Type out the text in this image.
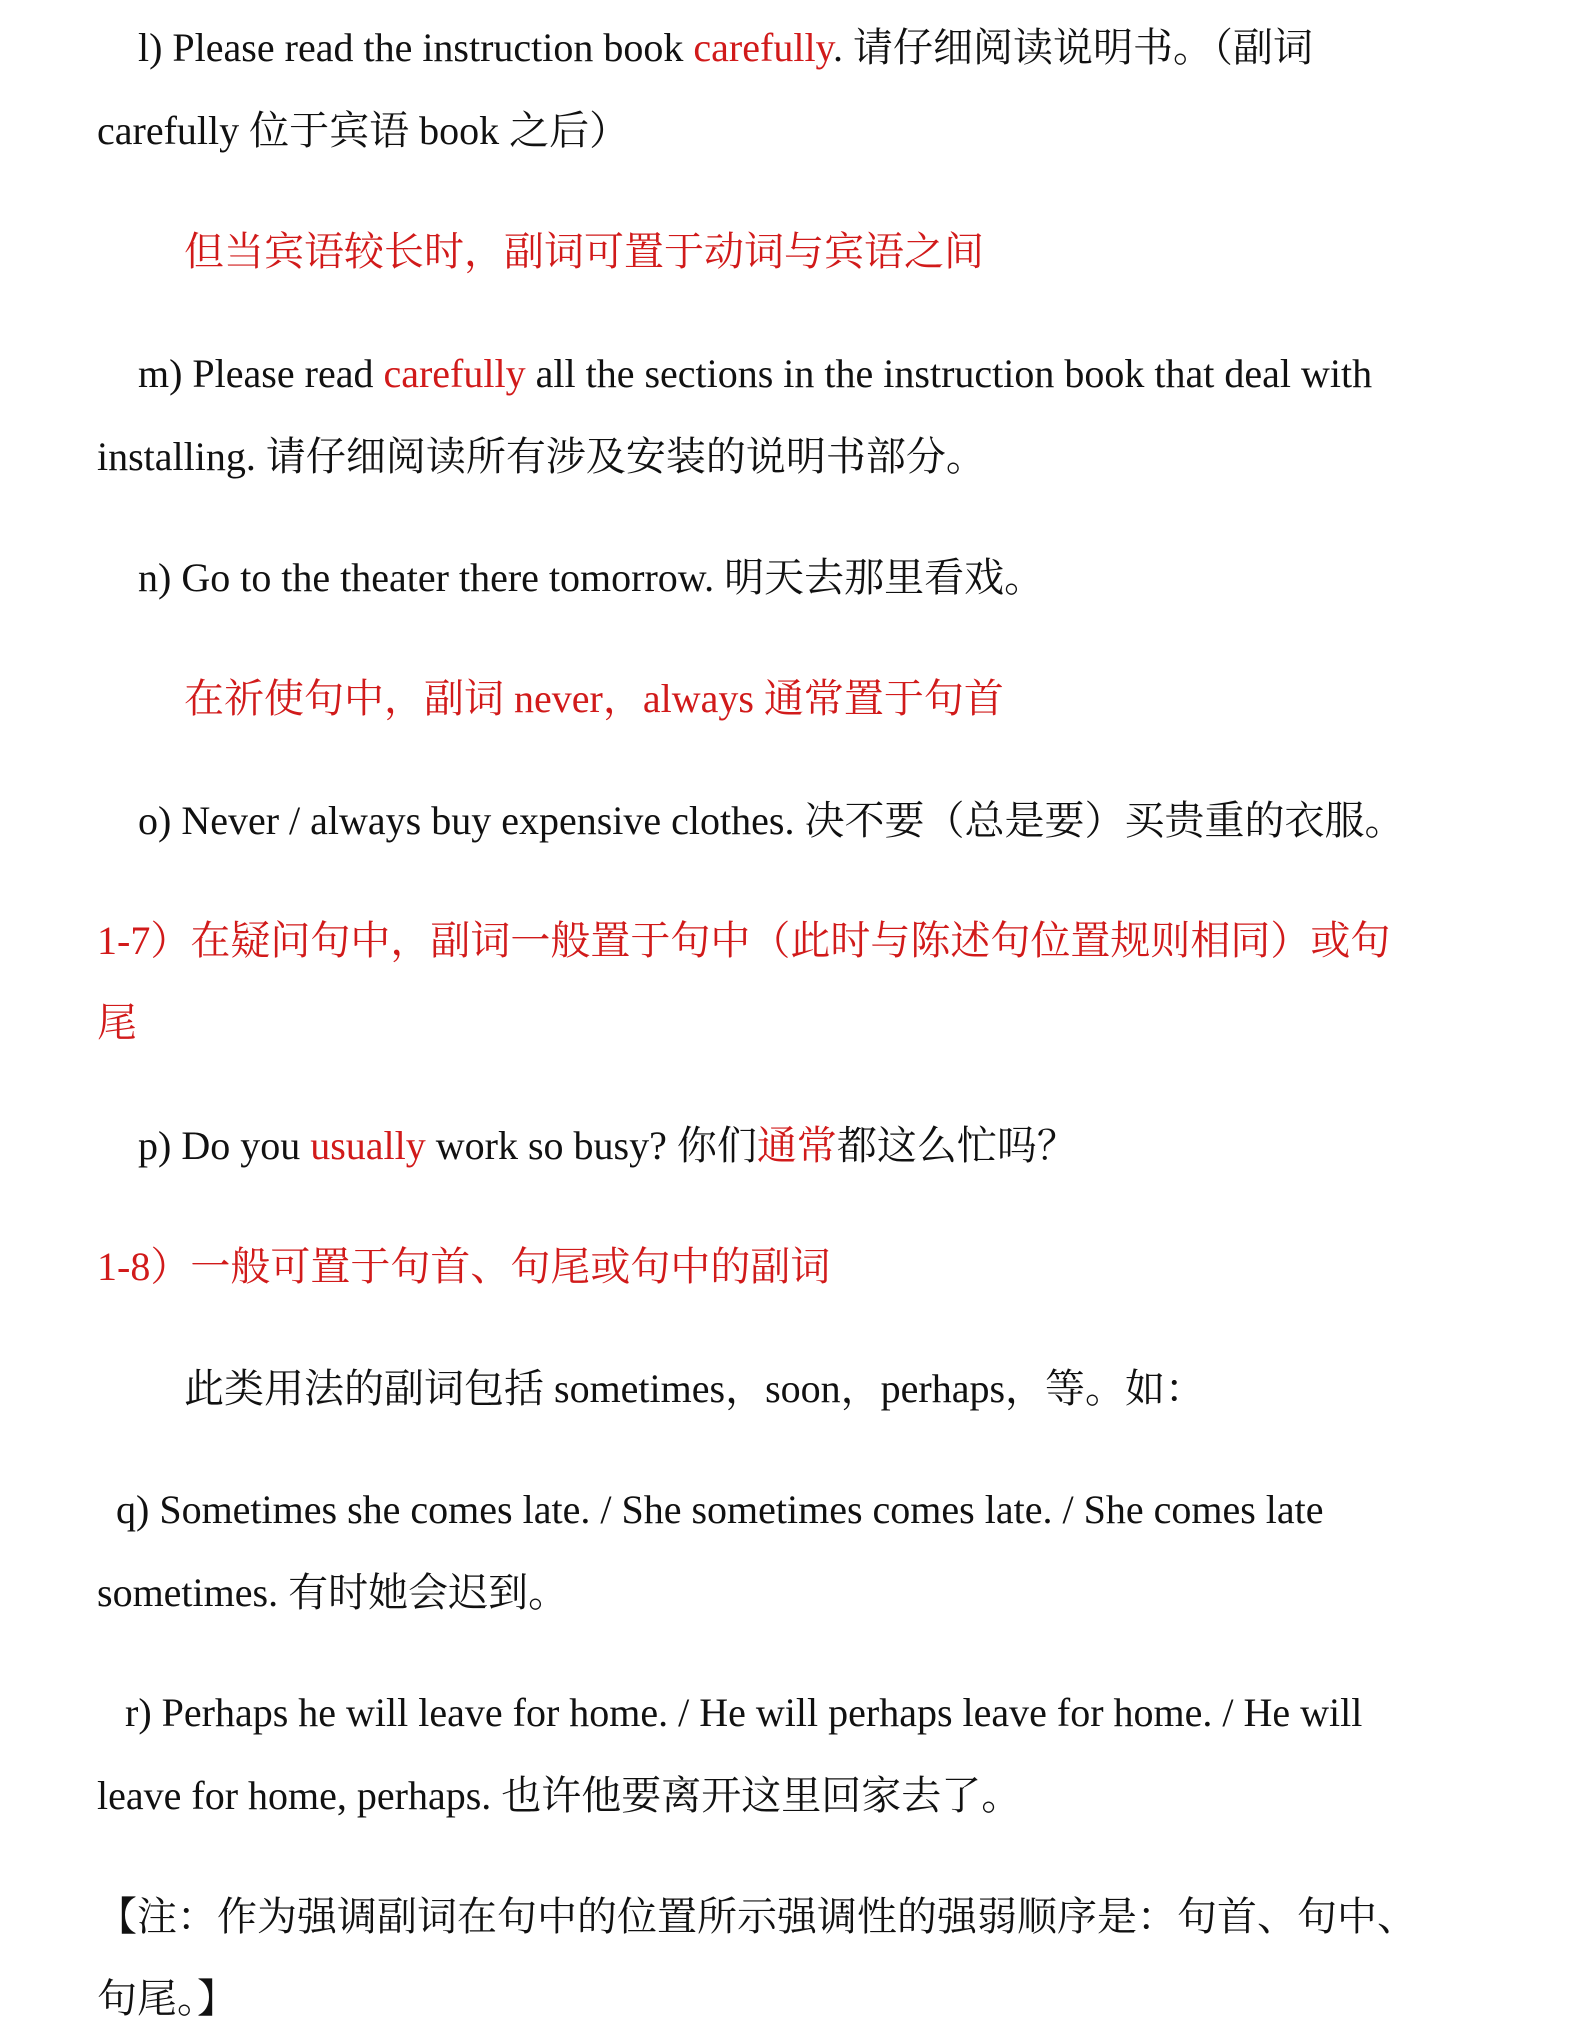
l) Please read the instruction book carefully. 请仔细阅读说明书。（副词
carefully 位于宾语 book 之后）
但当宾语较长时，副词可置于动词与宾语之间
m) Please read carefully all the sections in the instruction book that deal with
installing. 请仔细阅读所有涉及安装的说明书部分。
n) Go to the theater there tomorrow. 明天去那里看戏。
在祈使句中，副词 never，always 通常置于句首
o) Never / always buy expensive clothes. 决不要（总是要）买贵重的衣服。
1-7）在疑问句中，副词一般置于句中（此时与陈述句位置规则相同）或句
尾
p) Do you usually work so busy? 你们通常都这么忙吗？
1-8）一般可置于句首、句尾或句中的副词
此类用法的副词包括 sometimes，soon，perhaps，等。如：
q) Sometimes she comes late. / She sometimes comes late. / She comes late
sometimes. 有时她会迟到。
r) Perhaps he will leave for home. / He will perhaps leave for home. / He will
leave for home, perhaps. 也许他要离开这里回家去了。
【注：作为强调副词在句中的位置所示强调性的强弱顺序是：句首、句中、
句尾。】
